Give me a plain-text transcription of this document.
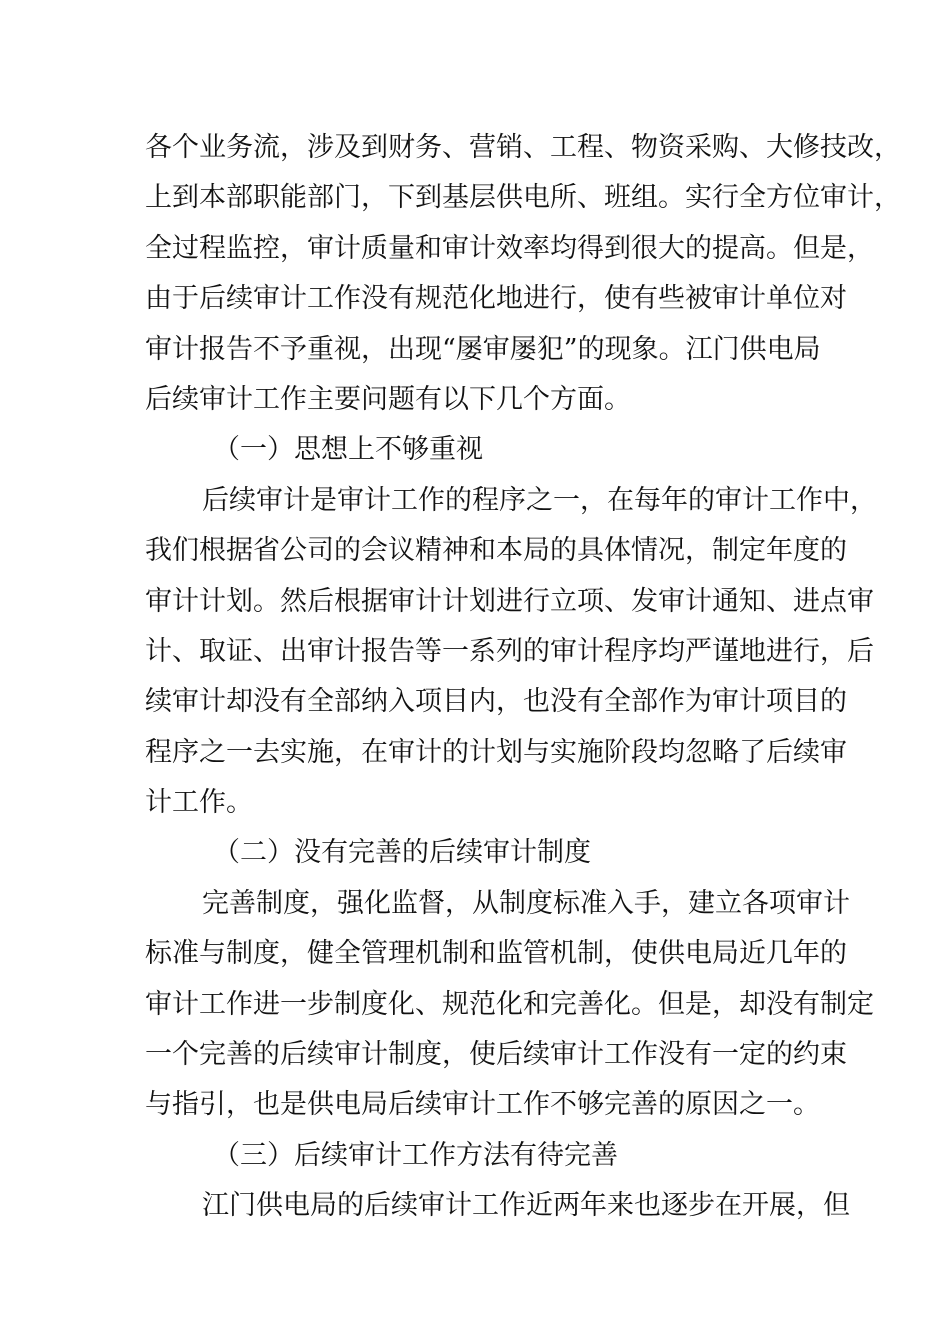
各个业务流，涉及到财务、营销、工程、物资采购、大修技改，
上到本部职能部门，下到基层供电所、班组。实行全方位审计，
全过程监控，审计质量和审计效率均得到很大的提高。但是，
由于后续审计工作没有规范化地进行，使有些被审计单位对
审计报告不予重视，出现“屡审屡犯”的现象。江门供电局
后续审计工作主要问题有以下几个方面。
（一）思想上不够重视
后续审计是审计工作的程序之一，在每年的审计工作中，
我们根据省公司的会议精神和本局的具体情况，制定年度的
审计计划。然后根据审计计划进行立项、发审计通知、进点审
计、取证、出审计报告等一系列的审计程序均严谨地进行，后
续审计却没有全部纳入项目内，也没有全部作为审计项目的
程序之一去实施，在审计的计划与实施阶段均忽略了后续审
计工作。
（二）没有完善的后续审计制度
完善制度，强化监督，从制度标准入手，建立各项审计
标准与制度，健全管理机制和监管机制，使供电局近几年的
审计工作进一步制度化、规范化和完善化。但是，却没有制定
一个完善的后续审计制度，使后续审计工作没有一定的约束
与指引，也是供电局后续审计工作不够完善的原因之一。
（三）后续审计工作方法有待完善
江门供电局的后续审计工作近两年来也逐步在开展，但
